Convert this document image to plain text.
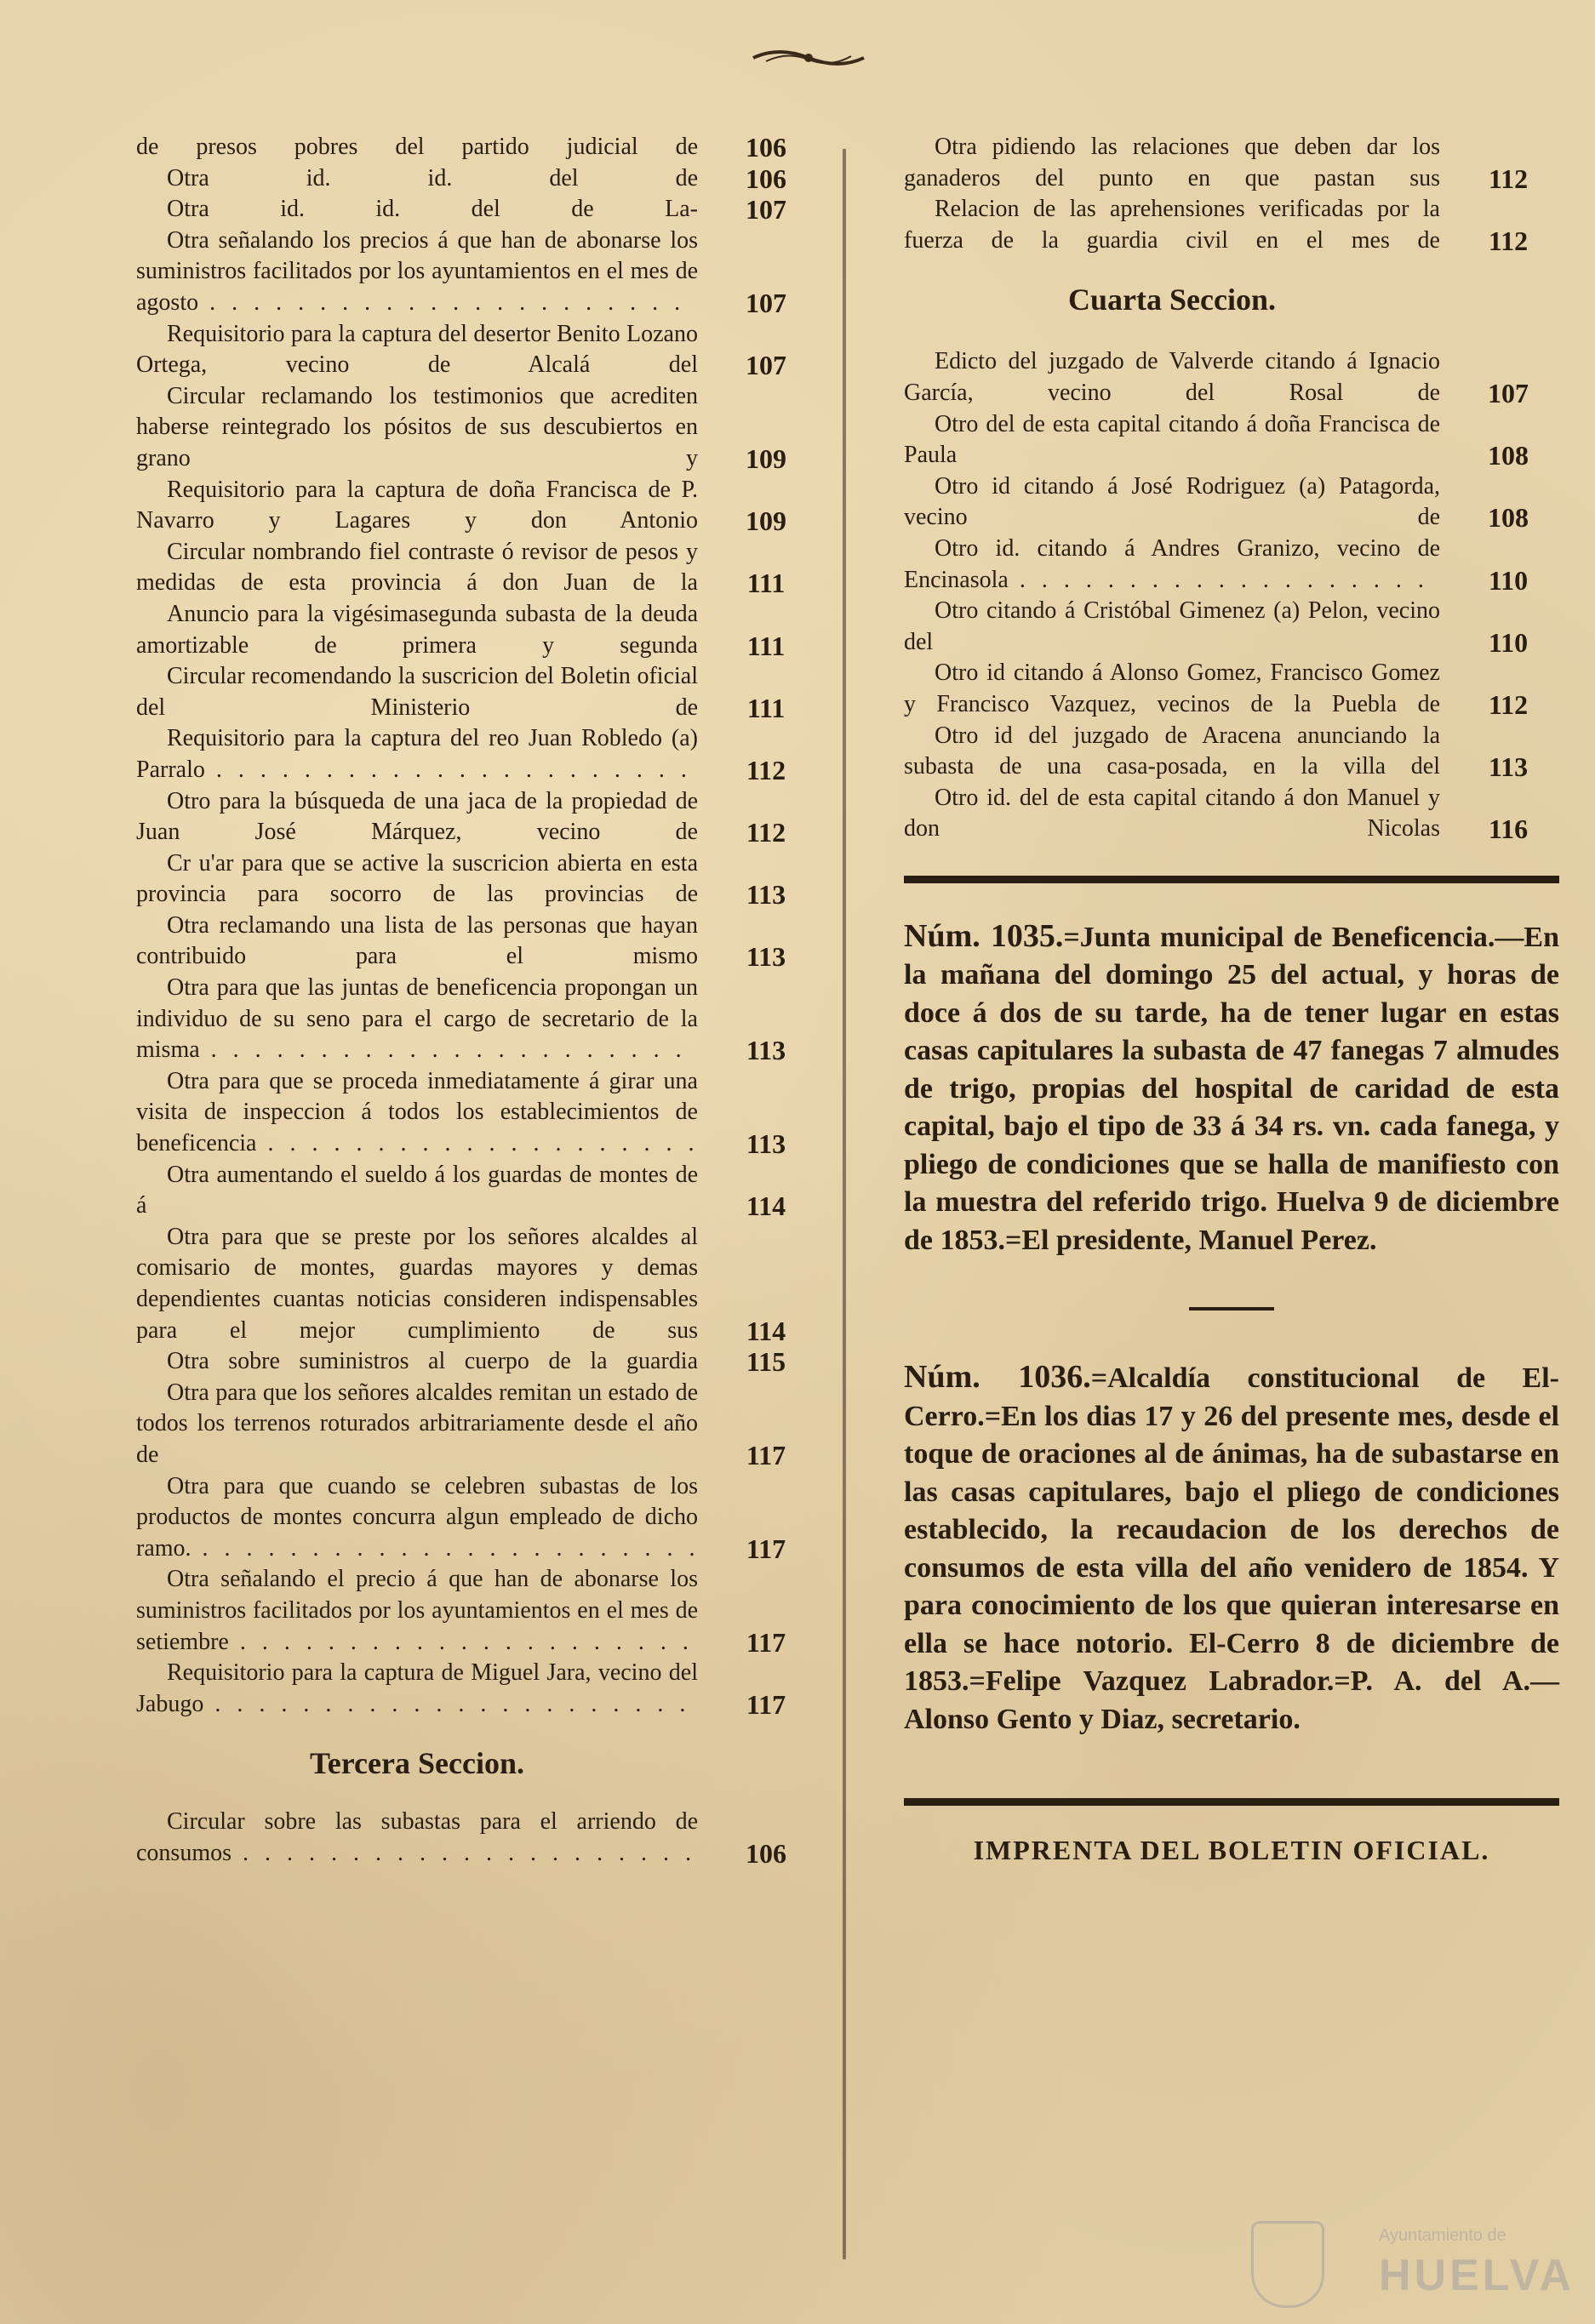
de presos pobres del partido judicial de . . .	106
Otra id. id. del de . . .	106
Otra id. id. del de La- . . .	107
Otra señalando los precios á que han de abonarse los suministros facilitados por los ayuntamientos en el mes de agosto . . .	107
Requisitorio para la captura del desertor Benito Lozano Ortega, vecino de Alcalá del . . .	107
Circular reclamando los testimonios que acrediten haberse reintegrado los pósitos de sus descubiertos en grano y . . .	109
Requisitorio para la captura de doña Francisca de P. Navarro y Lagares y don Antonio . . .	109
Circular nombrando fiel contraste ó revisor de pesos y medidas de esta provincia á don Juan de la . . .	111
Anuncio para la vigésimasegunda subasta de la deuda amortizable de primera y segunda . . .	111
Circular recomendando la suscricion del Boletin oficial del Ministerio de . . .	111
Requisitorio para la captura del reo Juan Robledo (a) Parralo . . .	112
Otro para la búsqueda de una jaca de la propiedad de Juan José Márquez, vecino de . . .	112
Cr u'ar para que se active la suscricion abierta en esta provincia para socorro de las provincias de . . .	113
Otra reclamando una lista de las personas que hayan contribuido para el mismo . . .	113
Otra para que las juntas de beneficencia propongan un individuo de su seno para el cargo de secretario de la misma . . .	113
Otra para que se proceda inmediatamente á girar una visita de inspeccion á todos los establecimientos de beneficencia . . .	113
Otra aumentando el sueldo á los guardas de montes de á . . .	114
Otra para que se preste por los señores alcaldes al comisario de montes, guardas mayores y demas dependientes cuantas noticias consideren indispensables para el mejor cumplimiento de sus . . .	114
Otra sobre suministros al cuerpo de la guardia . . .	115
Otra para que los señores alcaldes remitan un estado de todos los terrenos roturados arbitrariamente desde el año de . . .	117
Otra para que cuando se celebren subastas de los productos de montes concurra algun empleado de dicho ramo. . . .	117
Otra señalando el precio á que han de abonarse los suministros facilitados por los ayuntamientos en el mes de setiembre . . .	117
Requisitorio para la captura de Miguel Jara, vecino del Jabugo . . .	117
Tercera Seccion.
Circular sobre las subastas para el arriendo de consumos . . .	106
Otra pidiendo las relaciones que deben dar los ganaderos del punto en que pastan sus . . .	112
Relacion de las aprehensiones verificadas por la fuerza de la guardia civil en el mes de . . .	112
Cuarta Seccion.
Edicto del juzgado de Valverde citando á Ignacio García, vecino del Rosal de . . .	107
Otro del de esta capital citando á doña Francisca de Paula . . .	108
Otro id citando á José Rodriguez (a) Patagorda, vecino de . . .	108
Otro id. citando á Andres Granizo, vecino de Encinasola . . .	110
Otro citando á Cristóbal Gimenez (a) Pelon, vecino del . . .	110
Otro id citando á Alonso Gomez, Francisco Gomez y Francisco Vazquez, vecinos de la Puebla de . . .	112
Otro id del juzgado de Aracena anunciando la subasta de una casa-posada, en la villa del . . .	113
Otro id. del de esta capital citando á don Manuel y don Nicolas . . .	116
Núm. 1035.=Junta municipal de Beneficencia.—En la mañana del domingo 25 del actual, y horas de doce á dos de su tarde, ha de tener lugar en estas casas capitulares la subasta de 47 fanegas 7 almudes de trigo, propias del hospital de caridad de esta capital, bajo el tipo de 33 á 34 rs. vn. cada fanega, y pliego de condiciones que se halla de manifiesto con la muestra del referido trigo. Huelva 9 de diciembre de 1853.=El presidente, Manuel Perez.
Núm. 1036.=Alcaldía constitucional de El-Cerro.=En los dias 17 y 26 del presente mes, desde el toque de oraciones al de ánimas, ha de subastarse en las casas capitulares, bajo el pliego de condiciones establecido, la recaudacion de los derechos de consumos de esta villa del año venidero de 1854. Y para conocimiento de los que quieran interesarse en ella se hace notorio. El-Cerro 8 de diciembre de 1853.=Felipe Vazquez Labrador.=P. A. del A.—Alonso Gento y Diaz, secretario.
IMPRENTA DEL BOLETIN OFICIAL.
Ayuntamiento de
HUELVA
